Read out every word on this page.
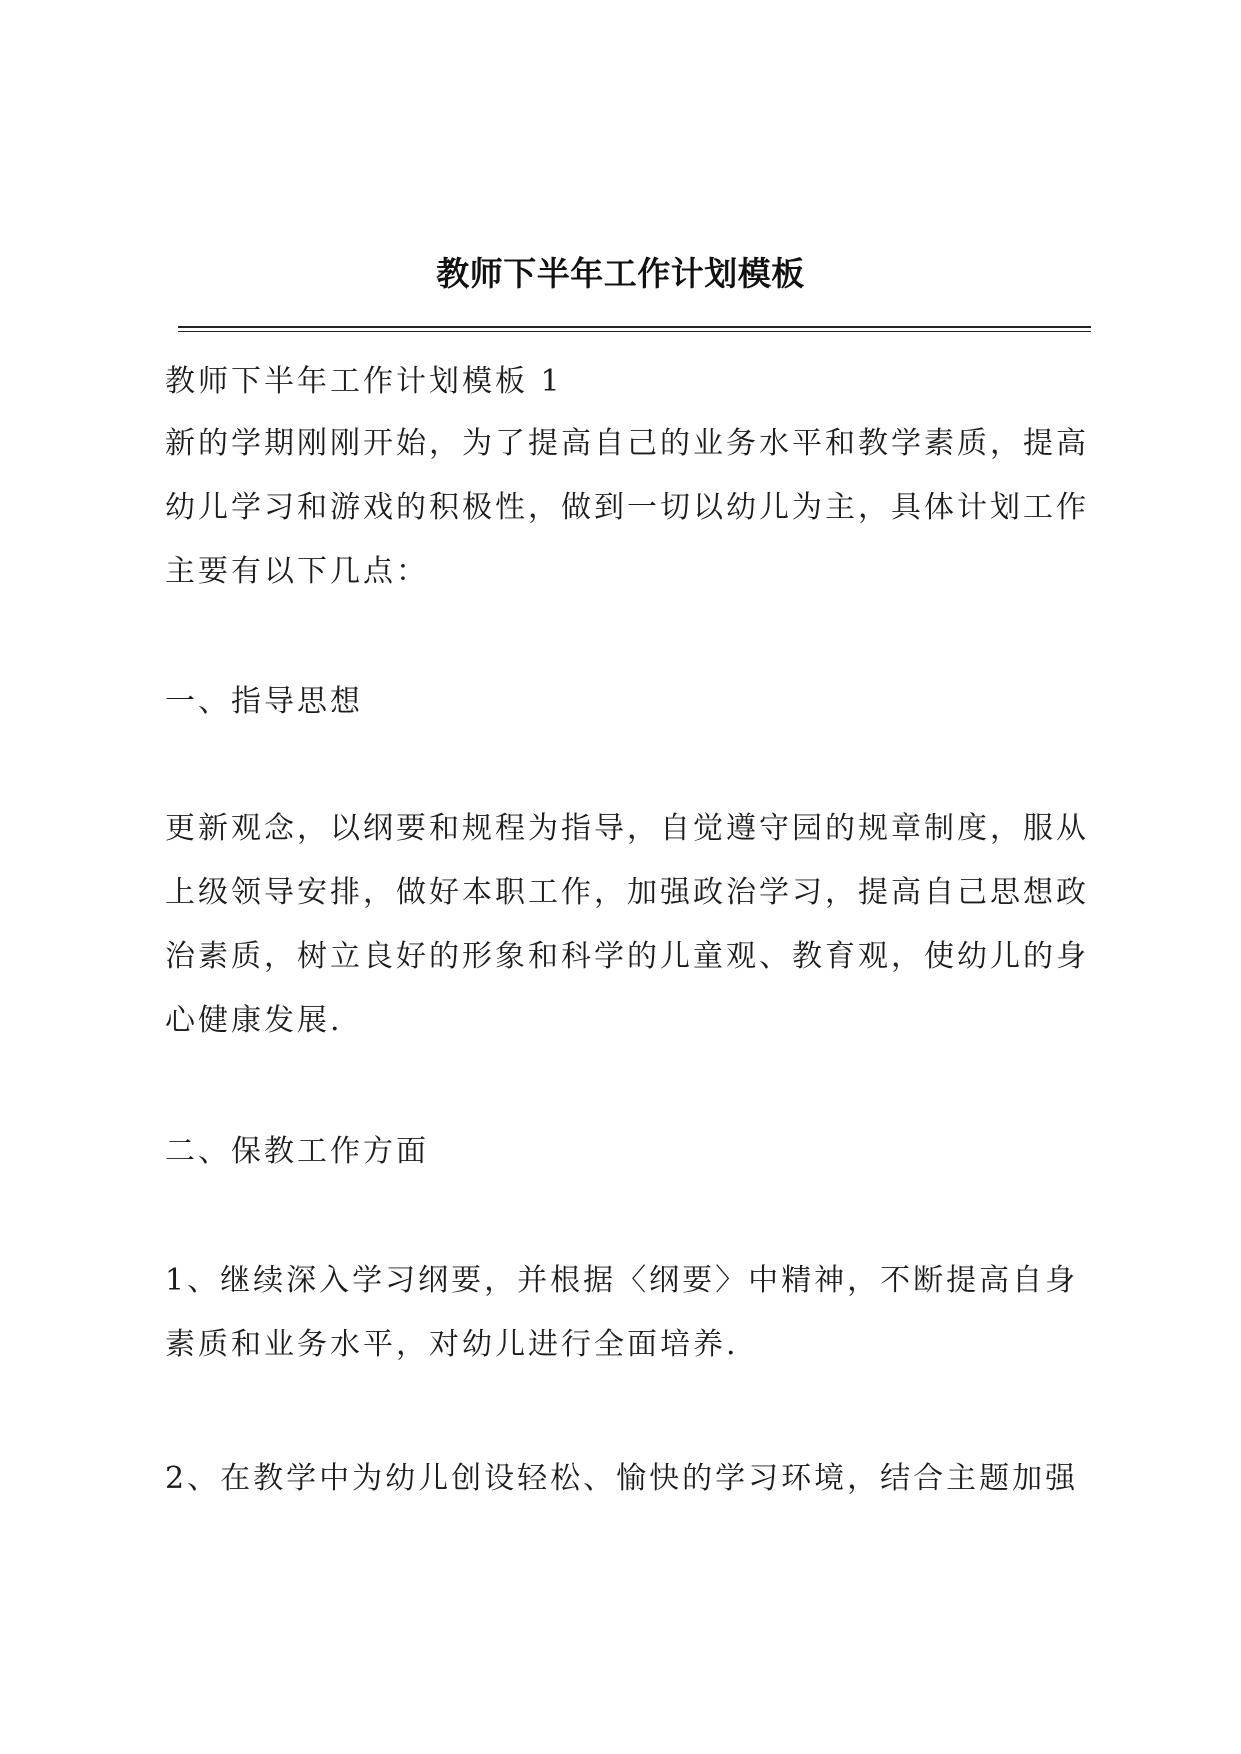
教师下半年工作计划模板

教师下半年工作计划模板 1

新的学期刚刚开始，为了提高自己的业务水平和教学素质，提高幼儿学习和游戏的积极性，做到一切以幼儿为主，具体计划工作主要有以下几点：

一、指导思想

更新观念，以纲要和规程为指导，自觉遵守园的规章制度，服从上级领导安排，做好本职工作，加强政治学习，提高自己思想政治素质，树立良好的形象和科学的儿童观、教育观，使幼儿的身心健康发展.

二、保教工作方面

1、继续深入学习纲要，并根据〈纲要〉中精神，不断提高自身素质和业务水平，对幼儿进行全面培养.

2、在教学中为幼儿创设轻松、愉快的学习环境，结合主题加强
